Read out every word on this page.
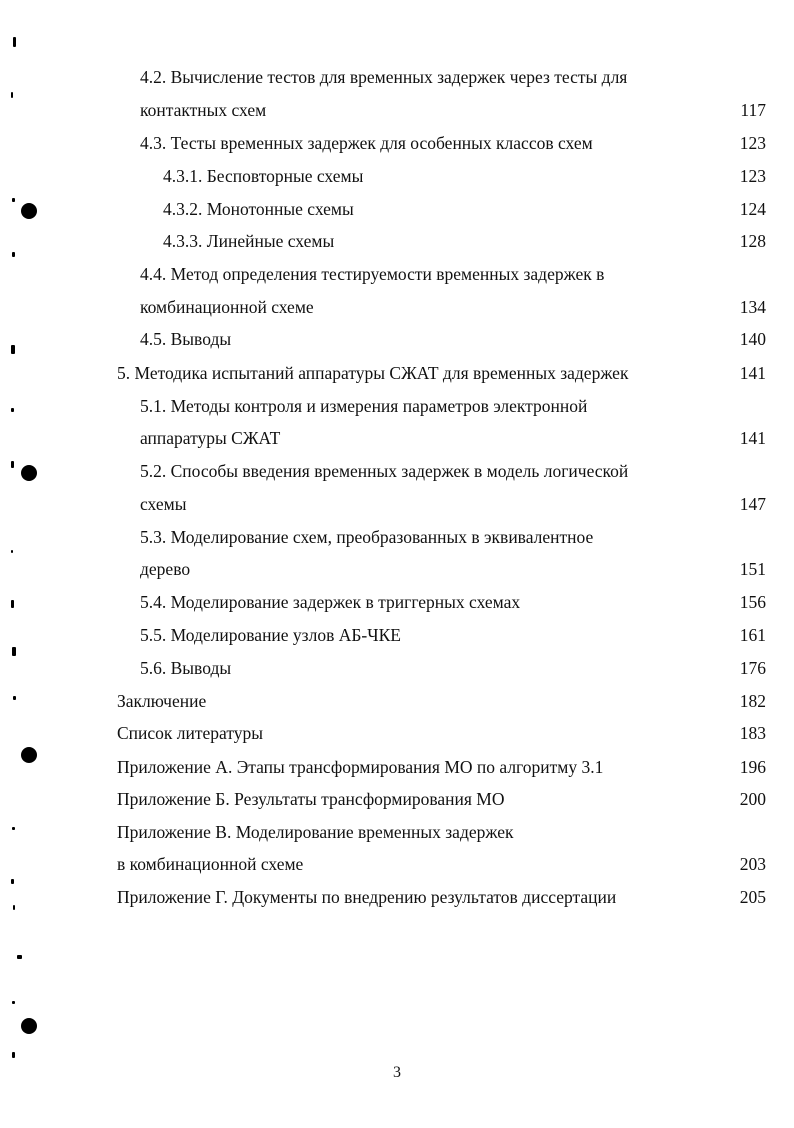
4.2. Вычисление тестов для временных задержек через тесты для
контактных схем	117
4.3. Тесты временных задержек для особенных классов схем	123
4.3.1. Бесповторные схемы	123
4.3.2. Монотонные схемы	124
4.3.3. Линейные схемы	128
4.4. Метод определения тестируемости временных задержек в
комбинационной схеме	134
4.5. Выводы	140
5. Методика испытаний аппаратуры СЖАТ для временных задержек	141
5.1. Методы контроля и измерения параметров электронной
аппаратуры СЖАТ	141
5.2. Способы введения временных задержек в модель логической
схемы	147
5.3. Моделирование схем, преобразованных в эквивалентное
дерево	151
5.4. Моделирование задержек в триггерных схемах	156
5.5. Моделирование узлов АБ-ЧКЕ	161
5.6. Выводы	176
Заключение	182
Список литературы	183
Приложение А. Этапы трансформирования МО по алгоритму 3.1	196
Приложение Б. Результаты трансформирования МО	200
Приложение В. Моделирование временных задержек
в комбинационной схеме	203
Приложение Г. Документы по внедрению результатов диссертации	205
3
